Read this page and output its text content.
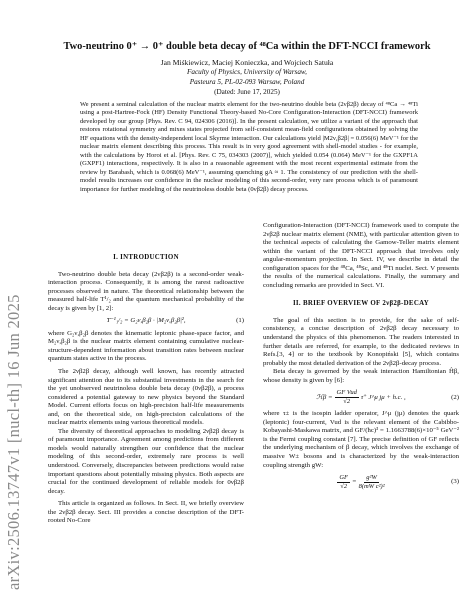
arXiv:2506.13747v1 [nucl-th] 16 Jun 2025
Two-neutrino 0⁺ → 0⁺ double beta decay of ⁴⁸Ca within the DFT-NCCI framework
Jan Miśkiewicz, Maciej Konieczka, and Wojciech Satuła
Faculty of Physics, University of Warsaw,
Pasteura 5, PL-02-093 Warsaw, Poland
(Dated: June 17, 2025)
We present a seminal calculation of the nuclear matrix element for the two-neutrino double beta (2νβ2β) decay of ⁴⁸Ca → ⁴⁸Ti using a post-Hartree-Fock (HF) Density Functional Theory-based No-Core Configuration-Interaction (DFT-NCCI) framework developed by our group [Phys. Rev. C 94, 024306 (2016)]. In the present calculation, we utilize a variant of the approach that restores rotational symmetry and mixes states projected from self-consistent mean-field configurations obtained by solving the HF equations with the density-independent local Skyrme interaction. Our calculations yield |M2ν,β2β| = 0.056(6) MeV⁻¹ for the nuclear matrix element describing this process. This result is in very good agreement with shell-model studies - for example, with the calculations by Horoi et al. [Phys. Rev. C 75, 034303 (2007)], which yielded 0.054 (0.064) MeV⁻¹ for the GXPF1A (GXPF1) interactions, respectively. It is also in a reasonable agreement with the most recent experimental estimate from the review by Barabash, which is 0.068(6) MeV⁻¹, assuming quenching gA ≈ 1. The consistency of our prediction with the shell-model results increases our confidence in the nuclear modeling of this second-order, very rare process which is of paramount importance for further modeling of the neutrinoless double beta (0νβ2β) decay process.
I. INTRODUCTION

Two-neutrino double beta decay (2νβ2β) is a second-order weak-interaction process. Consequently, it is among the rarest radioactive processes observed in nature. The theoretical relationship between the measured half-life T¹/₂ and the quantum mechanical probability of the decay is given by [1, 2]:

T⁻¹₁/₂ = G₂ν,β₂β · |M₂ν,β₂β|²,	(1)

where G₂ν,β₂β denotes the kinematic leptonic phase-space factor, and M₂ν,β₂β is the nuclear matrix element containing cumulative nuclear-structure-dependent information about transition rates between nuclear quantum states active in the process.

The 2νβ2β decay, although well known, has recently attracted significant attention due to its substantial investments in the search for the yet unobserved neutrinoless double beta decay (0νβ2β), a process considered a potential gateway to new physics beyond the Standard Model. Current efforts focus on high-precision half-life measurements and, on the theoretical side, on high-precision calculations of the nuclear matrix elements using various theoretical models.

The diversity of theoretical approaches to modeling 2νβ2β decay is of paramount importance. Agreement among predictions from different models would naturally strengthen our confidence that the nuclear modeling of this second-order, extremely rare process is well understood. Conversely, discrepancies between predictions would raise important questions about potentially missing physics. Both aspects are crucial for the continued development of reliable models for 0νβ2β decay.

This article is organized as follows. In Sect. II, we briefly overview the 2νβ2β decay. Sect. III provides a concise description of the DFT-rooted No-Core

Configuration-Interaction (DFT-NCCI) framework used to compute the 2νβ2β nuclear matrix element (NME), with particular attention given to the technical aspects of calculating the Gamow-Teller matrix element within the variant of the DFT-NCCI approach that involves only angular-momentum projection. In Sect. IV, we describe in detail the configuration spaces for the ⁴⁸Ca, ⁴⁸Sc, and ⁴⁸Ti nuclei. Sect. V presents the results of the numerical calculations. Finally, the summary and concluding remarks are provided in Sect. VI.

II. BRIEF OVERVIEW OF 2νβ2β-DECAY

The goal of this section is to provide, for the sake of self-consistency, a concise description of 2νβ2β decay necessary to understand the physics of this phenomenon. The readers interested in further details are referred, for example, to the dedicated reviews in Refs.[3, 4] or to the textbook by Konopiński [5], which contains probably the most detailed derivation of the 2νβ2β-decay process.

Beta decay is governed by the weak interaction Hamiltonian Ĥβ, whose density is given by [6]:

ℋβ = $\frac{\text{GF Vud}}{√2} \tau^+$ J^μ jμ + h.c. ,	(2)

where τ± is the isospin ladder operator, J^μ (jμ) denotes the quark (leptonic) four-current, Vud is the relevant element of the Cabibbo-Kobayashi-Maskawa matrix, and GF/(ħc)³ = 1.1663788(6)×10⁻⁵ GeV⁻² is the Fermi coupling constant [7]. The precise definition of GF reflects the underlying mechanism of β decay, which involves the exchange of massive W± bosons and is characterized by the weak-interaction coupling strength gW:

$\frac{GF}{√2} = \frac{\text{g²W}}{\text{8(mW c²)²}}$	(3)
